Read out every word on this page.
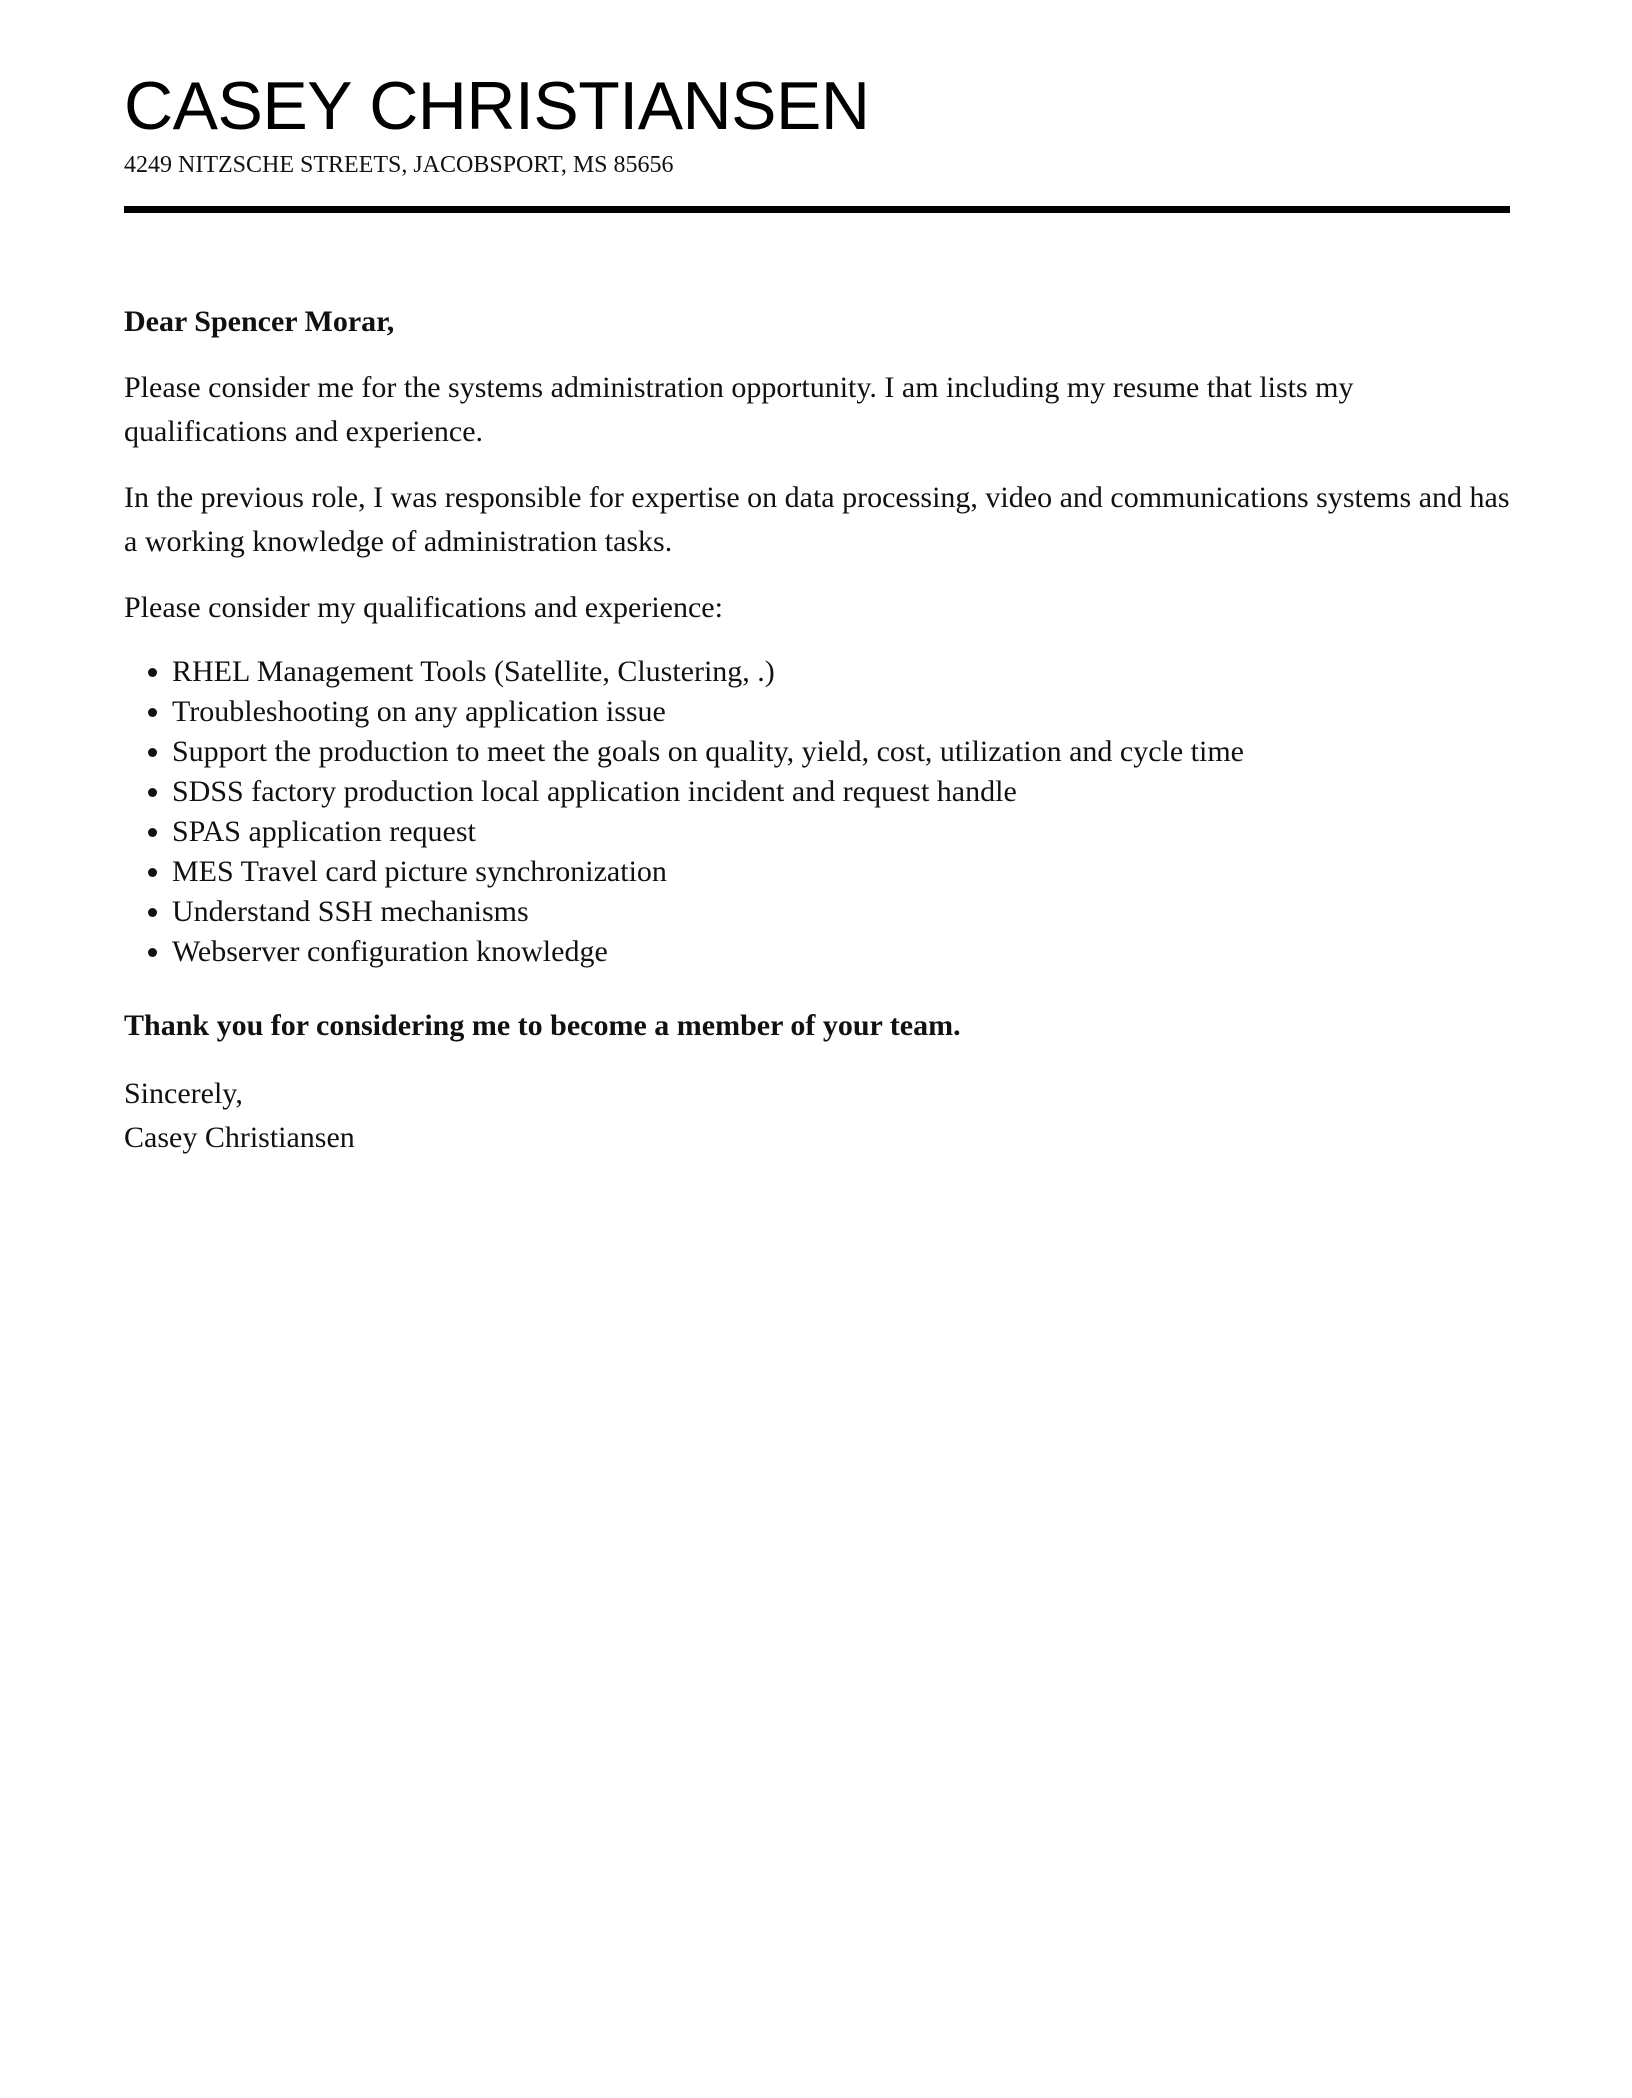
CASEY CHRISTIANSEN
4249 NITZSCHE STREETS, JACOBSPORT, MS 85656

Dear Spencer Morar,

Please consider me for the systems administration opportunity. I am including my resume that lists my qualifications and experience.

In the previous role, I was responsible for expertise on data processing, video and communications systems and has a working knowledge of administration tasks.

Please consider my qualifications and experience:

• RHEL Management Tools (Satellite, Clustering, .)
• Troubleshooting on any application issue
• Support the production to meet the goals on quality, yield, cost, utilization and cycle time
• SDSS factory production local application incident and request handle
• SPAS application request
• MES Travel card picture synchronization
• Understand SSH mechanisms
• Webserver configuration knowledge

Thank you for considering me to become a member of your team.

Sincerely,
Casey Christiansen
